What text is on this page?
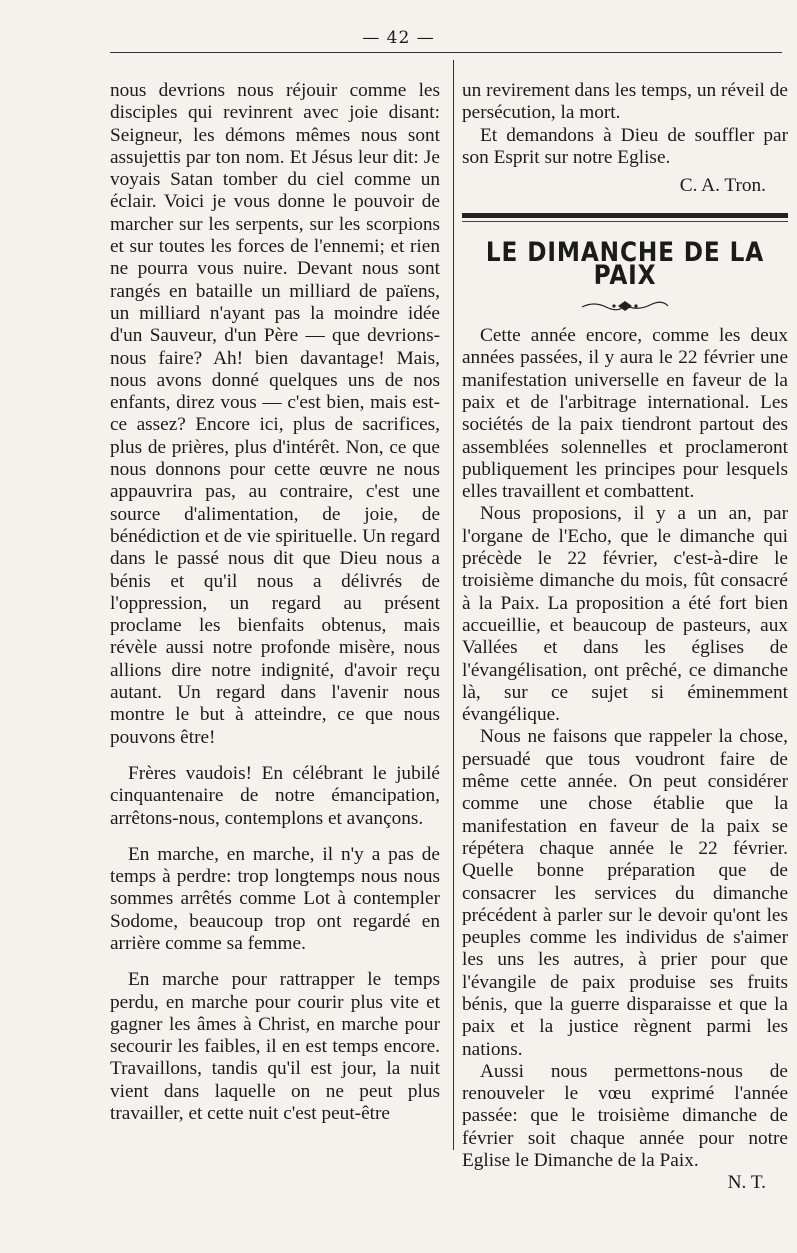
— 42 —

nous devrions nous réjouir comme les disciples qui revinrent avec joie disant: Seigneur, les démons mêmes nous sont assujettis par ton nom. Et Jésus leur dit: Je voyais Satan tomber du ciel comme un éclair. Voici je vous donne le pouvoir de marcher sur les serpents, sur les scorpions et sur toutes les forces de l'ennemi; et rien ne pourra vous nuire. Devant nous sont rangés en bataille un milliard de païens, un milliard n'ayant pas la moindre idée d'un Sauveur, d'un Père — que devrions-nous faire? Ah! bien davantage! Mais, nous avons donné quelques uns de nos enfants, direz vous — c'est bien, mais est-ce assez? Encore ici, plus de sacrifices, plus de prières, plus d'intérêt. Non, ce que nous donnons pour cette œuvre ne nous appauvrira pas, au contraire, c'est une source d'alimentation, de joie, de bénédiction et de vie spirituelle. Un regard dans le passé nous dit que Dieu nous a bénis et qu'il nous a délivrés de l'oppression, un regard au présent proclame les bienfaits obtenus, mais révèle aussi notre profonde misère, nous allions dire notre indignité, d'avoir reçu autant. Un regard dans l'avenir nous montre le but à atteindre, ce que nous pouvons être!

Frères vaudois! En célébrant le jubilé cinquantenaire de notre émancipation, arrêtons-nous, contemplons et avançons.

En marche, en marche, il n'y a pas de temps à perdre: trop longtemps nous nous sommes arrêtés comme Lot à contempler Sodome, beaucoup trop ont regardé en arrière comme sa femme.

En marche pour rattrapper le temps perdu, en marche pour courir plus vite et gagner les âmes à Christ, en marche pour secourir les faibles, il en est temps encore. Travaillons, tandis qu'il est jour, la nuit vient dans laquelle on ne peut plus travailler, et cette nuit c'est peut-être

un revirement dans les temps, un réveil de persécution, la mort.

Et demandons à Dieu de souffler par son Esprit sur notre Eglise.

C. A. Tron.

LE DIMANCHE DE LA PAIX

Cette année encore, comme les deux années passées, il y aura le 22 février une manifestation universelle en faveur de la paix et de l'arbitrage international. Les sociétés de la paix tiendront partout des assemblées solennelles et proclameront publiquement les principes pour lesquels elles travaillent et combattent.

Nous proposions, il y a un an, par l'organe de l'Echo, que le dimanche qui précède le 22 février, c'est-à-dire le troisième dimanche du mois, fût consacré à la Paix. La proposition a été fort bien accueillie, et beaucoup de pasteurs, aux Vallées et dans les églises de l'évangélisation, ont prêché, ce dimanche là, sur ce sujet si éminemment évangélique.

Nous ne faisons que rappeler la chose, persuadé que tous voudront faire de même cette année. On peut considérer comme une chose établie que la manifestation en faveur de la paix se répétera chaque année le 22 février. Quelle bonne préparation que de consacrer les services du dimanche précédent à parler sur le devoir qu'ont les peuples comme les individus de s'aimer les uns les autres, à prier pour que l'évangile de paix produise ses fruits bénis, que la guerre disparaisse et que la paix et la justice règnent parmi les nations.

Aussi nous permettons-nous de renouveler le vœu exprimé l'année passée: que le troisième dimanche de février soit chaque année pour notre Eglise le Dimanche de la Paix.

N. T.
